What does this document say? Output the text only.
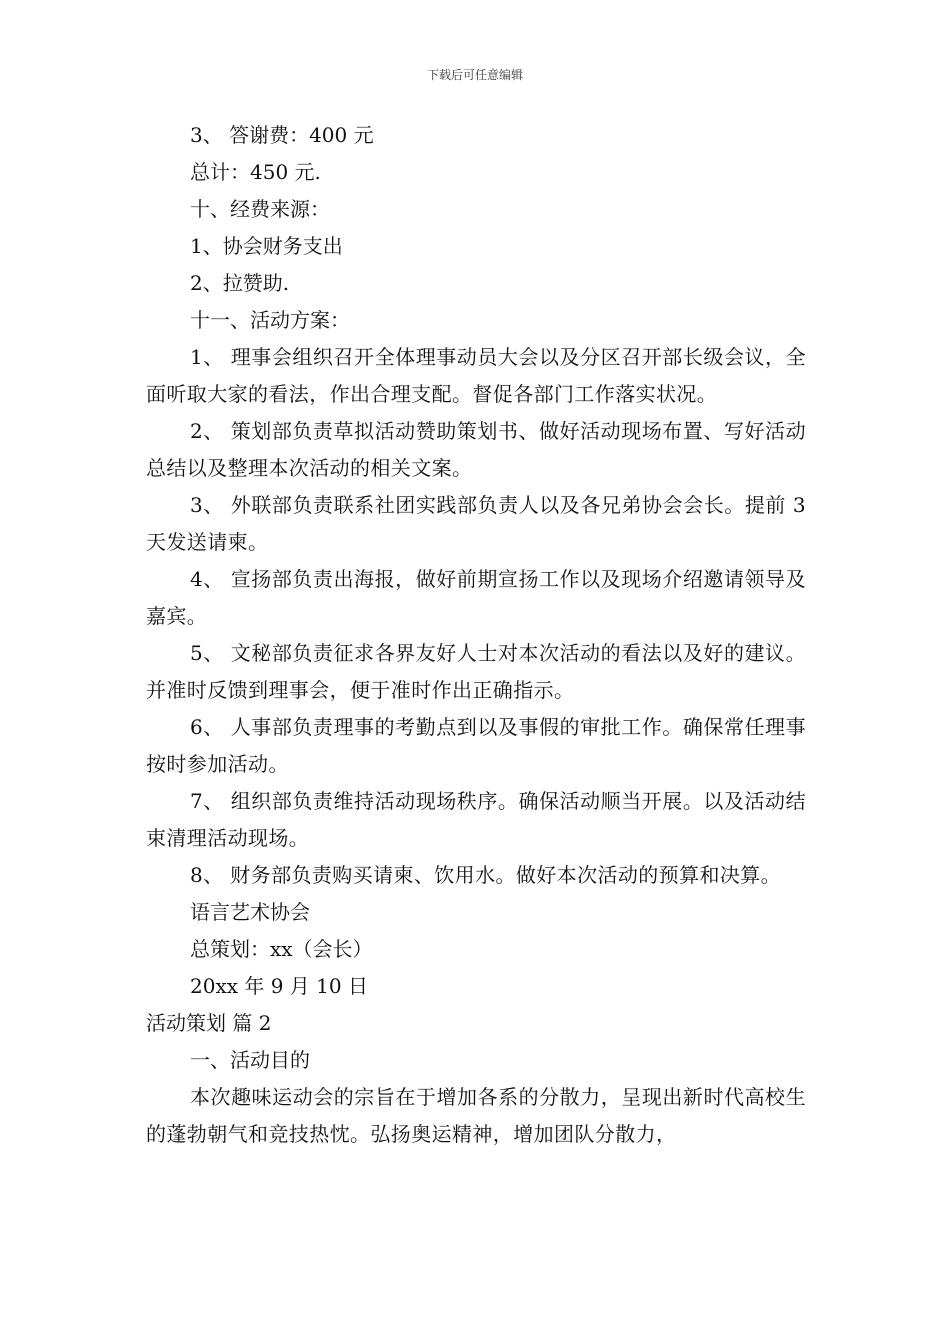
下载后可任意编辑
3、 答谢费：400 元
总计：450 元.
十、经费来源：
1、协会财务支出
2、拉赞助.
十一、活动方案：
1、 理事会组织召开全体理事动员大会以及分区召开部长级会议，全面听取大家的看法，作出合理支配。督促各部门工作落实状况。
2、 策划部负责草拟活动赞助策划书、做好活动现场布置、写好活动总结以及整理本次活动的相关文案。
3、 外联部负责联系社团实践部负责人以及各兄弟协会会长。提前 3 天发送请柬。
4、 宣扬部负责出海报，做好前期宣扬工作以及现场介绍邀请领导及嘉宾。
5、 文秘部负责征求各界友好人士对本次活动的看法以及好的建议。并准时反馈到理事会，便于准时作出正确指示。
6、 人事部负责理事的考勤点到以及事假的审批工作。确保常任理事按时参加活动。
7、 组织部负责维持活动现场秩序。确保活动顺当开展。以及活动结束清理活动现场。
8、 财务部负责购买请柬、饮用水。做好本次活动的预算和决算。
语言艺术协会
总策划：xx（会长）
20xx 年 9 月 10 日
活动策划 篇 2
一、活动目的
本次趣味运动会的宗旨在于增加各系的分散力，呈现出新时代高校生的蓬勃朝气和竞技热忱。弘扬奥运精神，增加团队分散力，
